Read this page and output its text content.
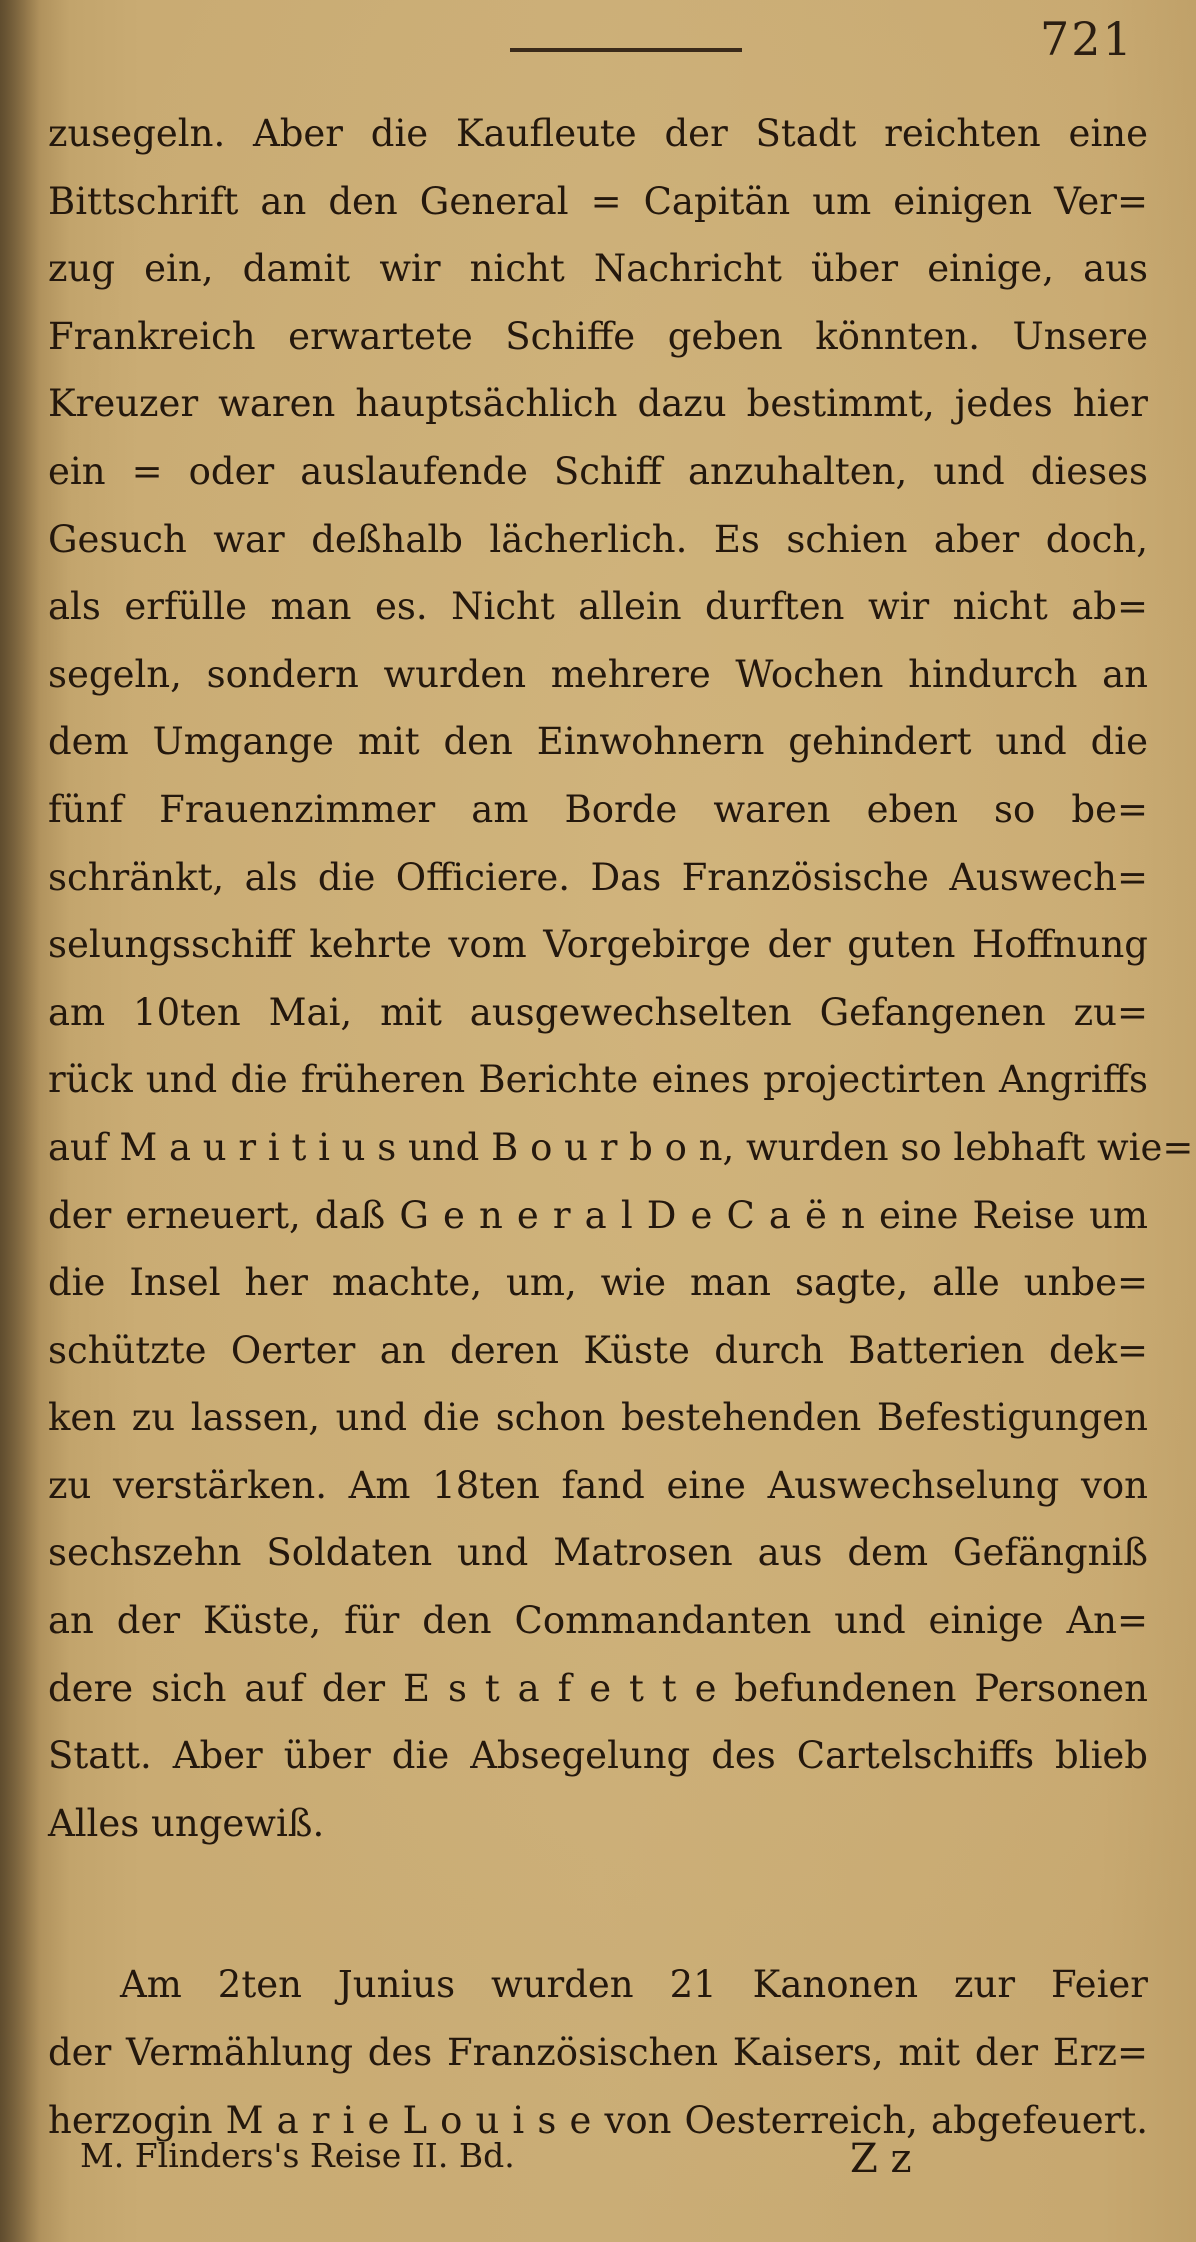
721
zusegeln. Aber die Kaufleute der Stadt reichten eine
Bittschrift an den General = Capitän um einigen Ver=
zug ein, damit wir nicht Nachricht über einige, aus
Frankreich erwartete Schiffe geben könnten. Unsere
Kreuzer waren hauptsächlich dazu bestimmt, jedes hier
ein = oder auslaufende Schiff anzuhalten, und dieses
Gesuch war deßhalb lächerlich. Es schien aber doch,
als erfülle man es. Nicht allein durften wir nicht ab=
segeln, sondern wurden mehrere Wochen hindurch an
dem Umgange mit den Einwohnern gehindert und die
fünf Frauenzimmer am Borde waren eben so be=
schränkt, als die Officiere. Das Französische Auswech=
selungsschiff kehrte vom Vorgebirge der guten Hoffnung
am 10ten Mai, mit ausgewechselten Gefangenen zu=
rück und die früheren Berichte eines projectirten Angriffs
auf M a u r i t i u s und B o u r b o n, wurden so lebhaft wie=
der erneuert, daß G e n e r a l D e C a ë n eine Reise um
die Insel her machte, um, wie man sagte, alle unbe=
schützte Oerter an deren Küste durch Batterien dek=
ken zu lassen, und die schon bestehenden Befestigungen
zu verstärken. Am 18ten fand eine Auswechselung von
sechszehn Soldaten und Matrosen aus dem Gefängniß
an der Küste, für den Commandanten und einige An=
dere sich auf der E s t a f e t t e befundenen Personen
Statt. Aber über die Absegelung des Cartelschiffs blieb
Alles ungewiß.
Am 2ten Junius wurden 21 Kanonen zur Feier
der Vermählung des Französischen Kaisers, mit der Erz=
herzogin M a r i e L o u i s e von Oesterreich, abgefeuert.
M. Flinders's Reise II. Bd.	Z z
